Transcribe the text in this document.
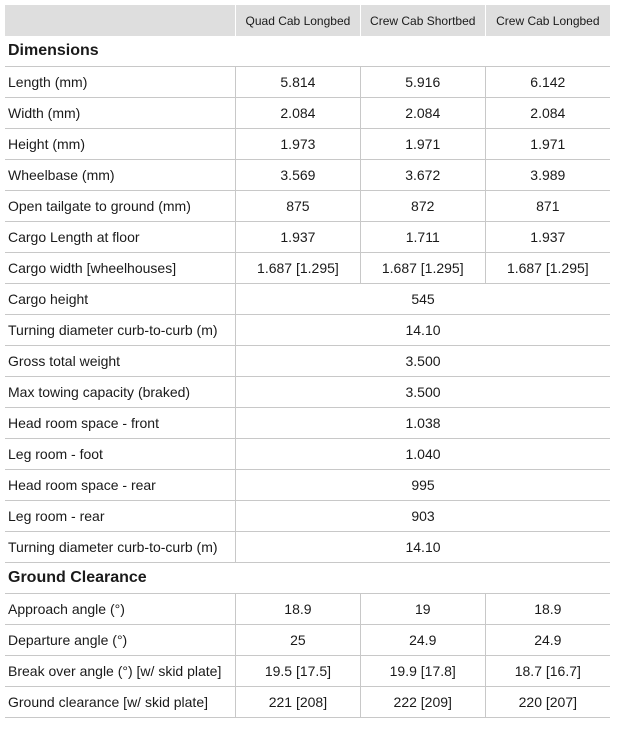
	Quad Cab Longbed	Crew Cab Shortbed	Crew Cab Longbed
Dimensions			
Length (mm)	5.814	5.916	6.142
Width (mm)	2.084	2.084	2.084
Height (mm)	1.973	1.971	1.971
Wheelbase (mm)	3.569	3.672	3.989
Open tailgate to ground (mm)	875	872	871
Cargo Length at floor	1.937	1.711	1.937
Cargo width [wheelhouses]	1.687 [1.295]	1.687 [1.295]	1.687 [1.295]
Cargo height	545		
Turning diameter curb-to-curb (m)	14.10		
Gross total weight	3.500		
Max towing capacity (braked)	3.500		
Head room space - front	1.038		
Leg room - foot	1.040		
Head room space - rear	995		
Leg room - rear	903		
Turning diameter curb-to-curb (m)	14.10		
Ground Clearance			
Approach angle (°)	18.9	19	18.9
Departure angle (°)	25	24.9	24.9
Break over angle (°) [w/ skid plate]	19.5 [17.5]	19.9 [17.8]	18.7 [16.7]
Ground clearance [w/ skid plate]	221 [208]	222 [209]	220 [207]
